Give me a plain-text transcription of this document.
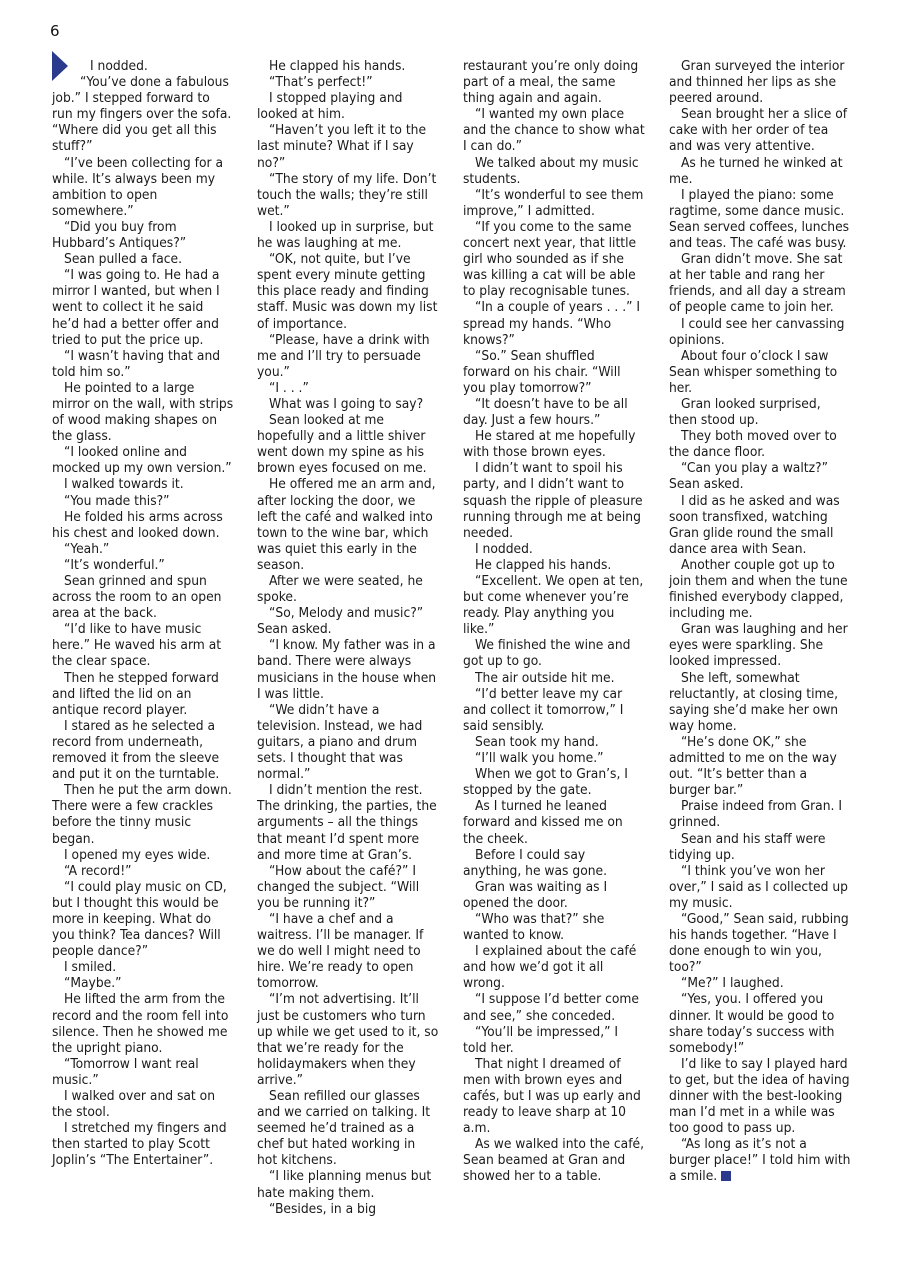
6

I nodded.

“You’ve done a fabulous job.” I stepped forward to run my fingers over the sofa. “Where did you get all this stuff?”

“I’ve been collecting for a while. It’s always been my ambition to open somewhere.”

“Did you buy from Hubbard’s Antiques?”

Sean pulled a face.

“I was going to. He had a mirror I wanted, but when I went to collect it he said he’d had a better offer and tried to put the price up.

“I wasn’t having that and told him so.”

He pointed to a large mirror on the wall, with strips of wood making shapes on the glass.

“I looked online and mocked up my own version.”

I walked towards it.

“You made this?”

He folded his arms across his chest and looked down.

“Yeah.”

“It’s wonderful.”

Sean grinned and spun across the room to an open area at the back.

“I’d like to have music here.” He waved his arm at the clear space.

Then he stepped forward and lifted the lid on an antique record player.

I stared as he selected a record from underneath, removed it from the sleeve and put it on the turntable.

Then he put the arm down. There were a few crackles before the tinny music began.

I opened my eyes wide.

“A record!”

“I could play music on CD, but I thought this would be more in keeping. What do you think? Tea dances? Will people dance?”

I smiled.

“Maybe.”

He lifted the arm from the record and the room fell into silence. Then he showed me the upright piano.

“Tomorrow I want real music.”

I walked over and sat on the stool.

I stretched my fingers and then started to play Scott Joplin’s “The Entertainer”.

He clapped his hands.

“That’s perfect!”

I stopped playing and looked at him.

“Haven’t you left it to the last minute? What if I say no?”

“The story of my life. Don’t touch the walls; they’re still wet.”

I looked up in surprise, but he was laughing at me.

“OK, not quite, but I’ve spent every minute getting this place ready and finding staff. Music was down my list of importance.

“Please, have a drink with me and I’ll try to persuade you.”

“I . . .”

What was I going to say?

Sean looked at me hopefully and a little shiver went down my spine as his brown eyes focused on me.

He offered me an arm and, after locking the door, we left the café and walked into town to the wine bar, which was quiet this early in the season.

After we were seated, he spoke.

“So, Melody and music?” Sean asked.

“I know. My father was in a band. There were always musicians in the house when I was little.

“We didn’t have a television. Instead, we had guitars, a piano and drum sets. I thought that was normal.”

I didn’t mention the rest. The drinking, the parties, the arguments – all the things that meant I’d spent more and more time at Gran’s.

“How about the café?” I changed the subject. “Will you be running it?”

“I have a chef and a waitress. I’ll be manager. If we do well I might need to hire. We’re ready to open tomorrow.

“I’m not advertising. It’ll just be customers who turn up while we get used to it, so that we’re ready for the holidaymakers when they arrive.”

Sean refilled our glasses and we carried on talking. It seemed he’d trained as a chef but hated working in hot kitchens.

“I like planning menus but hate making them.

“Besides, in a big

restaurant you’re only doing part of a meal, the same thing again and again.

“I wanted my own place and the chance to show what I can do.”

We talked about my music students.

“It’s wonderful to see them improve,” I admitted.

“If you come to the same concert next year, that little girl who sounded as if she was killing a cat will be able to play recognisable tunes.

“In a couple of years . . .” I spread my hands. “Who knows?”

“So.” Sean shuffled forward on his chair. “Will you play tomorrow?”

“It doesn’t have to be all day. Just a few hours.”

He stared at me hopefully with those brown eyes.

I didn’t want to spoil his party, and I didn’t want to squash the ripple of pleasure running through me at being needed.

I nodded.

He clapped his hands.

“Excellent. We open at ten, but come whenever you’re ready. Play anything you like.”

We finished the wine and got up to go.

The air outside hit me.

“I’d better leave my car and collect it tomorrow,” I said sensibly.

Sean took my hand.

“I’ll walk you home.”

When we got to Gran’s, I stopped by the gate.

As I turned he leaned forward and kissed me on the cheek.

Before I could say anything, he was gone.

Gran was waiting as I opened the door.

“Who was that?” she wanted to know.

I explained about the café and how we’d got it all wrong.

“I suppose I’d better come and see,” she conceded.

“You’ll be impressed,” I told her.

That night I dreamed of men with brown eyes and cafés, but I was up early and ready to leave sharp at 10 a.m.

As we walked into the café, Sean beamed at Gran and showed her to a table.

Gran surveyed the interior and thinned her lips as she peered around.

Sean brought her a slice of cake with her order of tea and was very attentive.

As he turned he winked at me.

I played the piano: some ragtime, some dance music. Sean served coffees, lunches and teas. The café was busy.

Gran didn’t move. She sat at her table and rang her friends, and all day a stream of people came to join her.

I could see her canvassing opinions.

About four o’clock I saw Sean whisper something to her.

Gran looked surprised, then stood up.

They both moved over to the dance floor.

“Can you play a waltz?” Sean asked.

I did as he asked and was soon transfixed, watching Gran glide round the small dance area with Sean.

Another couple got up to join them and when the tune finished everybody clapped, including me.

Gran was laughing and her eyes were sparkling. She looked impressed.

She left, somewhat reluctantly, at closing time, saying she’d make her own way home.

“He’s done OK,” she admitted to me on the way out. “It’s better than a burger bar.”

Praise indeed from Gran. I grinned.

Sean and his staff were tidying up.

“I think you’ve won her over,” I said as I collected up my music.

“Good,” Sean said, rubbing his hands together. “Have I done enough to win you, too?”

“Me?” I laughed.

“Yes, you. I offered you dinner. It would be good to share today’s success with somebody!”

I’d like to say I played hard to get, but the idea of having dinner with the best-looking man I’d met in a while was too good to pass up.

“As long as it’s not a burger place!” I told him with a smile.
